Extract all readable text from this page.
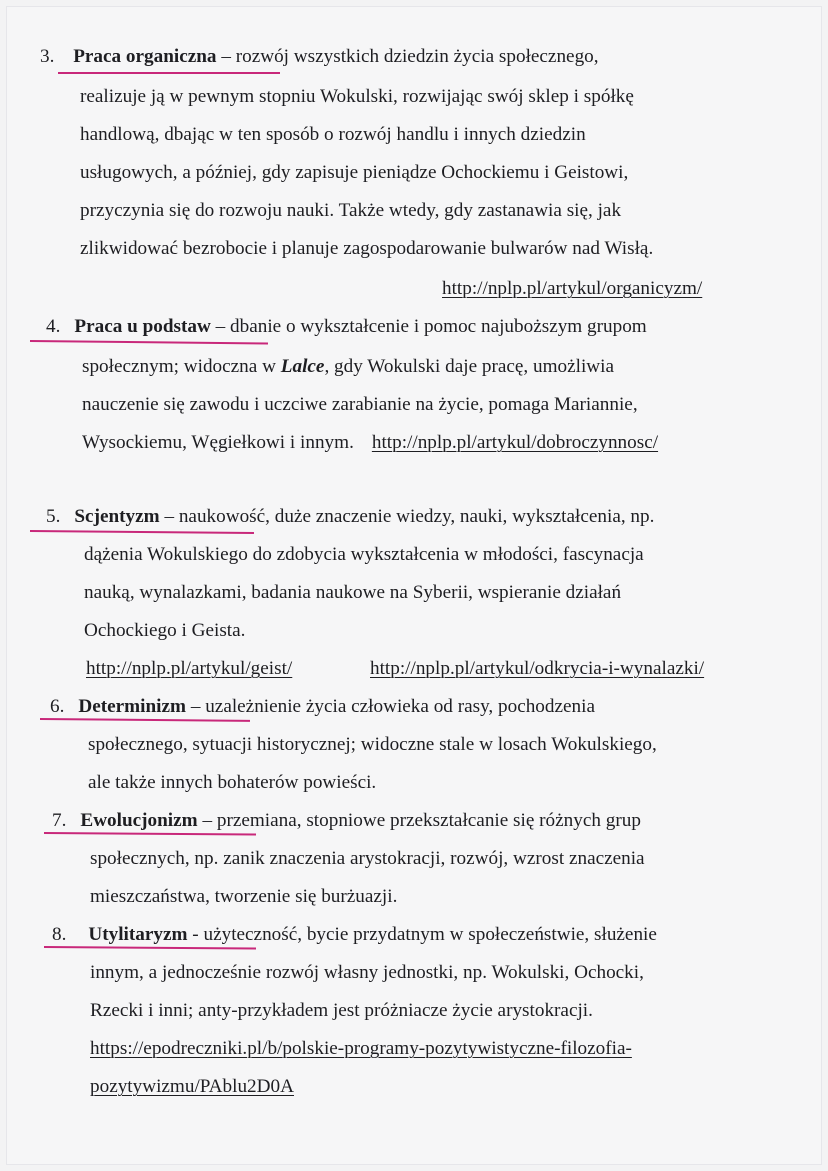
3. Praca organiczna – rozwój wszystkich dziedzin życia społecznego,
realizuje ją w pewnym stopniu Wokulski, rozwijając swój sklep i spółkę
handlową, dbając w ten sposób o rozwój handlu i innych dziedzin
usługowych, a później, gdy zapisuje pieniądze Ochockiemu i Geistowi,
przyczynia się do rozwoju nauki. Także wtedy, gdy zastanawia się, jak
zlikwidować bezrobocie i planuje zagospodarowanie bulwarów nad Wisłą.
http://nplp.pl/artykul/organicyzm/
4. Praca u podstaw – dbanie o wykształcenie i pomoc najuboższym grupom
społecznym; widoczna w Lalce, gdy Wokulski daje pracę, umożliwia
nauczenie się zawodu i uczciwe zarabianie na życie, pomaga Mariannie,
Wysockiemu, Węgiełkowi i innym. http://nplp.pl/artykul/dobroczynnosc/
5. Scjentyzm – naukowość, duże znaczenie wiedzy, nauki, wykształcenia, np.
dążenia Wokulskiego do zdobycia wykształcenia w młodości, fascynacja
nauką, wynalazkami, badania naukowe na Syberii, wspieranie działań
Ochockiego i Geista.
http://nplp.pl/artykul/geist/	http://nplp.pl/artykul/odkrycia-i-wynalazki/
6. Determinizm – uzależnienie życia człowieka od rasy, pochodzenia
społecznego, sytuacji historycznej; widoczne stale w losach Wokulskiego,
ale także innych bohaterów powieści.
7. Ewolucjonizm – przemiana, stopniowe przekształcanie się różnych grup
społecznych, np. zanik znaczenia arystokracji, rozwój, wzrost znaczenia
mieszczaństwa, tworzenie się burżuazji.
8. Utylitaryzm - użyteczność, bycie przydatnym w społeczeństwie, służenie
innym, a jednocześnie rozwój własny jednostki, np. Wokulski, Ochocki,
Rzecki i inni; anty-przykładem jest próżniacze życie arystokracji.
https://epodreczniki.pl/b/polskie-programy-pozytywistyczne-filozofia-
pozytywizmu/PAblu2D0A
